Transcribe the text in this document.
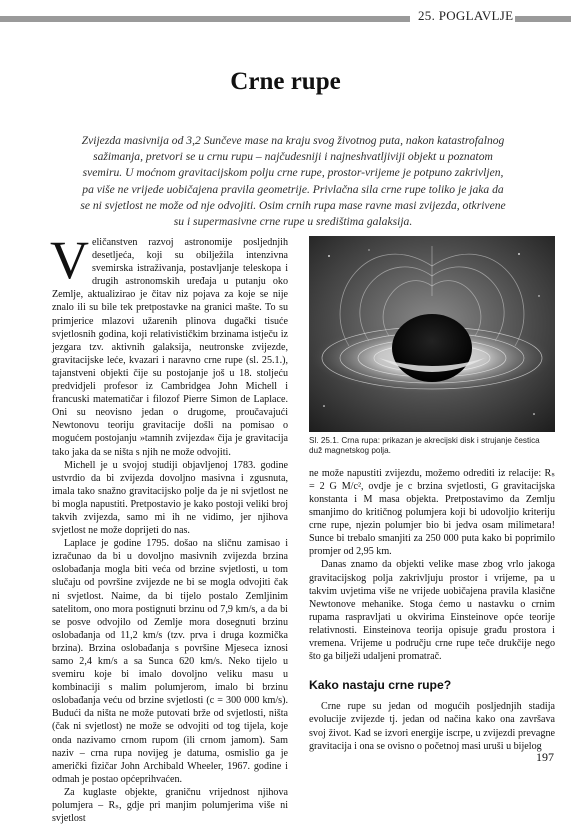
25. POGLAVLJE
Crne rupe
Zvijezda masivnija od 3,2 Sunčeve mase na kraju svog životnog puta, nakon katastrofalnog sažimanja, pretvori se u crnu rupu – najčudesniji i najneshvatljiviji objekt u poznatom svemiru. U moćnom gravitacijskom polju crne rupe, prostor-vrijeme je potpuno zakrivljen, pa više ne vrijede uobičajena pravila geometrije. Privlačna sila crne rupe toliko je jaka da se ni svjetlost ne može od nje odvojiti. Osim crnih rupa mase ravne masi zvijezda, otkrivene su i supermasivne crne rupe u središtima galaksija.

Veličanstven razvoj astronomije posljednjih desetljeća, koji su obilježila intenzivna svemirska istraživanja, postavljanje teleskopa i drugih astronomskih uređaja u putanju oko Zemlje, aktualizirao je čitav niz pojava za koje se nije znalo ili su bile tek pretpostavke na granici mašte. To su primjerice mlazovi užarenih plinova dugački tisuće svjetlosnih godina, koji relativističkim brzinama istječu iz jezgara tzv. aktivnih galaksija, neutronske zvijezde, gravitacijske leće, kvazari i naravno crne rupe (sl. 25.1.), tajanstveni objekti čije su postojanje još u 18. stoljeću predvidjeli profesor iz Cambridgea John Michell i francuski matematičar i filozof Pierre Simon de Laplace. Oni su neovisno jedan o drugome, proučavajući Newtonovu teoriju gravitacije došli na pomisao o mogućem postojanju »tamnih zvijezda« čija je gravitacija tako jaka da se ništa s njih ne može odvojiti.

Michell je u svojoj studiji objavljenoj 1783. godine ustvrdio da bi zvijezda dovoljno masivna i zgusnuta, imala tako snažno gravitacijsko polje da je ni svjetlost ne bi mogla napustiti. Pretpostavio je kako postoji veliki broj takvih zvijezda, samo mi ih ne vidimo, jer njihova svjetlost ne može doprijeti do nas.

Laplace je godine 1795. došao na sličnu zamisao i izračunao da bi u dovoljno masivnih zvijezda brzina oslobađanja mogla biti veća od brzine svjetlosti, u tom slučaju od površine zvijezde ne bi se mogla odvojiti čak ni svjetlost. Naime, da bi tijelo postalo Zemljinim satelitom, ono mora postignuti brzinu od 7,9 km/s, a da bi se posve odvojilo od Zemlje mora dosegnuti brzinu oslobađanja od 11,2 km/s (tzv. prva i druga kozmička brzina). Brzina oslobađanja s površine Mjeseca iznosi samo 2,4 km/s a sa Sunca 620 km/s. Neko tijelo u svemiru koje bi imalo dovoljno veliku masu u kombinaciji s malim polumjerom, imalo bi brzinu oslobađanja veću od brzine svjetlosti (c = 300 000 km/s). Budući da ništa ne može putovati brže od svjetlosti, ništa (čak ni svjetlost) ne može se odvojiti od tog tijela, koje onda nazivamo crnom rupom (ili crnom jamom). Sam naziv – crna rupa novijeg je datuma, osmislio ga je američki fizičar John Archibald Wheeler, 1967. godine i odmah je postao općeprihvaćen.

Za kuglaste objekte, graničnu vrijednost njihova polumjera – Rₛ, gdje pri manjim polumjerima više ni svjetlost

Sl. 25.1. Crna rupa: prikazan je akrecijski disk i strujanje čestica duž magnetskog polja.

ne može napustiti zvijezdu, možemo odrediti iz relacije: Rₛ = 2 G M/c², ovdje je c brzina svjetlosti, G gravitacijska konstanta i M masa objekta. Pretpostavimo da Zemlju smanjimo do kritičnog polumjera koji bi udovoljio kriteriju crne rupe, njezin polumjer bio bi jedva osam milimetara! Sunce bi trebalo smanjiti za 250 000 puta kako bi poprimilo promjer od 2,95 km.

Danas znamo da objekti velike mase zbog vrlo jakoga gravitacijskog polja zakrivljuju prostor i vrijeme, pa u takvim uvjetima više ne vrijede uobičajena pravila klasične Newtonove mehanike. Stoga ćemo u nastavku o crnim rupama raspravljati u okvirima Einsteinove opće teorije relativnosti. Einsteinova teorija opisuje građu prostora i vremena. Vrijeme u području crne rupe teče drukčije nego što ga bilježi udaljeni promatrač.

Kako nastaju crne rupe?

Crne rupe su jedan od mogućih posljednjih stadija evolucije zvijezde tj. jedan od načina kako ona završava svoj život. Kad se izvori energije iscrpe, u zvijezdi prevagne gravitacija i ona se ovisno o početnoj masi uruši u bijelog

197
